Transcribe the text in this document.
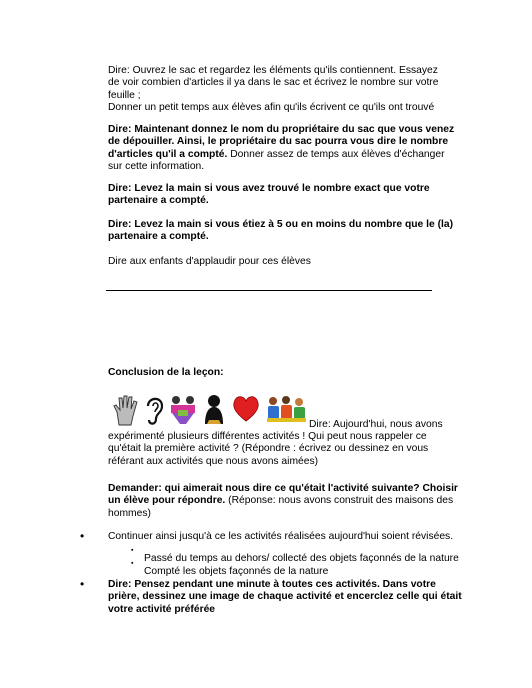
Dire: Ouvrez le sac et regardez les éléments qu'ils contiennent. Essayez
de voir combien d'articles il ya dans le sac et écrivez le nombre sur votre
feuille ;
Donner un petit temps aux élèves afin qu'ils écrivent ce qu'ils ont trouvé

Dire: Maintenant donnez le nom du propriétaire du sac que vous venez de dépouiller. Ainsi, le propriétaire du sac pourra vous dire le nombre d'articles qu'il a compté. Donner assez de temps aux élèves d'échanger sur cette information.

Dire: Levez la main si vous avez trouvé le nombre exact que votre partenaire a compté.

Dire: Levez la main si vous étiez à 5 ou en moins du nombre que le (la) partenaire a compté.

Dire aux enfants d'applaudir pour ces élèves

Conclusion de la leçon:

Dire: Aujourd'hui, nous avons

expérimenté plusieurs différentes activités ! Qui peut nous rappeler ce qu'était la première activité ? (Répondre : écrivez ou dessinez en vous référant aux activités que nous avons aimées)

Demander: qui aimerait nous dire ce qu'était l'activité suivante? Choisir un élève pour répondre. (Réponse: nous avons construit des maisons des hommes)

• Continuer ainsi jusqu'à ce les activités réalisées aujourd'hui soient révisées.

▪

Passé du temps au dehors/ collecté des objets façonnés de la nature

▪

Compté les objets façonnés de la nature

• Dire: Pensez pendant une minute à toutes ces activités. Dans votre prière, dessinez une image de chaque activité et encerclez celle qui était votre activité préférée
